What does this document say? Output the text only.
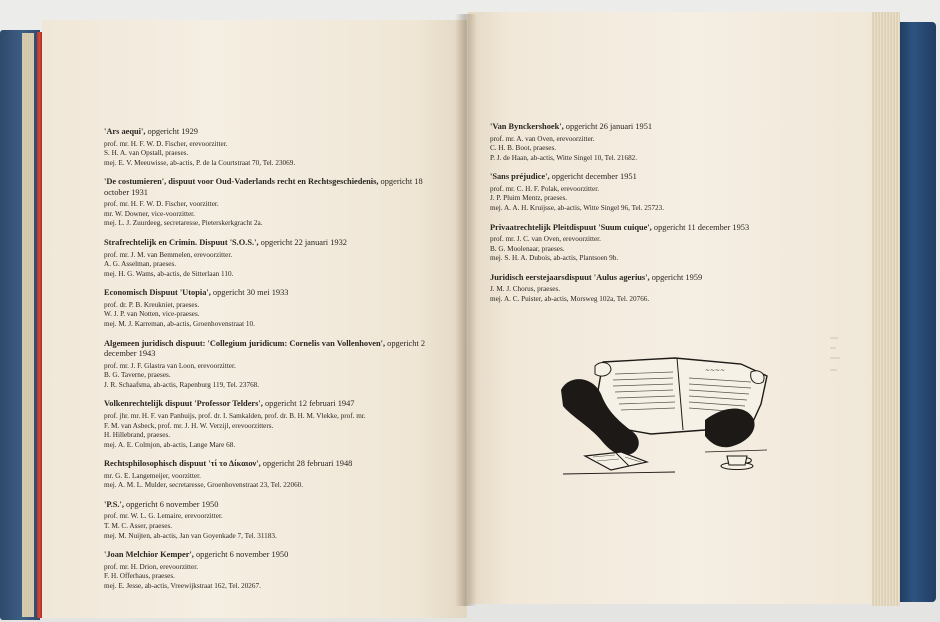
'Ars aequi', opgericht 1929
prof. mr. H. F. W. D. Fischer, erevoorzitter.
S. H. A. van Opstall, praeses.
mej. E. V. Meeuwisse, ab-actis, P. de la Courtstraat 70, Tel. 23069.
'De costumieren', dispuut voor Oud-Vaderlands recht en Rechtsgeschiedenis, opgericht 18 october 1931
prof. mr. H. F. W. D. Fischer, voorzitter.
mr. W. Downer, vice-voorzitter.
mej. L. J. Zuurdeeg, secretaresse, Pieterskerkgracht 2a.
Strafrechtelijk en Crimin. Dispuut 'S.O.S.', opgericht 22 januari 1932
prof. mr. J. M. van Bemmelen, erevoorzitter.
A. G. Asselman, praeses.
mej. H. G. Wams, ab-actis, de Sitterlaan 110.
Economisch Dispuut 'Utopia', opgericht 30 mei 1933
prof. dr. P. B. Kreukniet, praeses.
W. J. P. van Notten, vice-praeses.
mej. M. J. Karreman, ab-actis, Groenhovenstraat 10.
Algemeen juridisch dispuut: 'Collegium juridicum: Cornelis van Vollenhoven', opgericht 2 december 1943
prof. mr. J. F. Glastra van Loon, erevoorzitter.
B. G. Taverne, praeses.
J. R. Schaafsma, ab-actis, Rapenburg 119, Tel. 23768.
Volkenrechtelijk dispuut 'Professor Telders', opgericht 12 februari 1947
prof. jhr. mr. H. F. van Panhuijs, prof. dr. I. Samkalden, prof. dr. B. H. M. Vlekke, prof. mr.
F. M. van Asbeck, prof. mr. J. H. W. Verzijl, erevoorzitters.
H. Hillebrand, praeses.
mej. A. E. Colmjon, ab-actis, Lange Mare 68.
Rechtsphilosophisch dispuut 'τί το Δίκαιον', opgericht 28 februari 1948
mr. G. E. Langemeijer, voorzitter.
mej. A. M. L. Mulder, secretaresse, Groenhovenstraat 23, Tel. 22060.
'P.S.', opgericht 6 november 1950
prof. mr. W. L. G. Lemaire, erevoorzitter.
T. M. C. Asser, praeses.
mej. M. Nuijten, ab-actis, Jan van Goyenkade 7, Tel. 31183.
'Joan Melchior Kemper', opgericht 6 november 1950
prof. mr. H. Drion, erevoorzitter.
F. H. Offerhaus, praeses.
mej. E. Jesse, ab-actis, Vreewijkstraat 162, Tel. 20267.
'Van Bynckershoek', opgericht 26 januari 1951
prof. mr. A. van Oven, erevoorzitter.
C. H. B. Boot, praeses.
P. J. de Haan, ab-actis, Witte Singel 10, Tel. 21682.
'Sans préjudice', opgericht december 1951
prof. mr. C. H. F. Polak, erevoorzitter.
J. P. Pluim Mentz, praeses.
mej. A. A. H. Kruijsse, ab-actis, Witte Singel 96, Tel. 25723.
Privaatrechtelijk Pleitdispuut 'Suum cuique', opgericht 11 december 1953
prof. mr. J. C. van Oven, erevoorzitter.
B. G. Moolenaar, praeses.
mej. S. H. A. Dubois, ab-actis, Plantsoen 9b.
Juridisch eerstejaarsdispuut 'Aulus agerius', opgericht 1959
J. M. J. Chorus, praeses.
mej. A. C. Puister, ab-actis, Morsweg 102a, Tel. 20766.
~~~~
